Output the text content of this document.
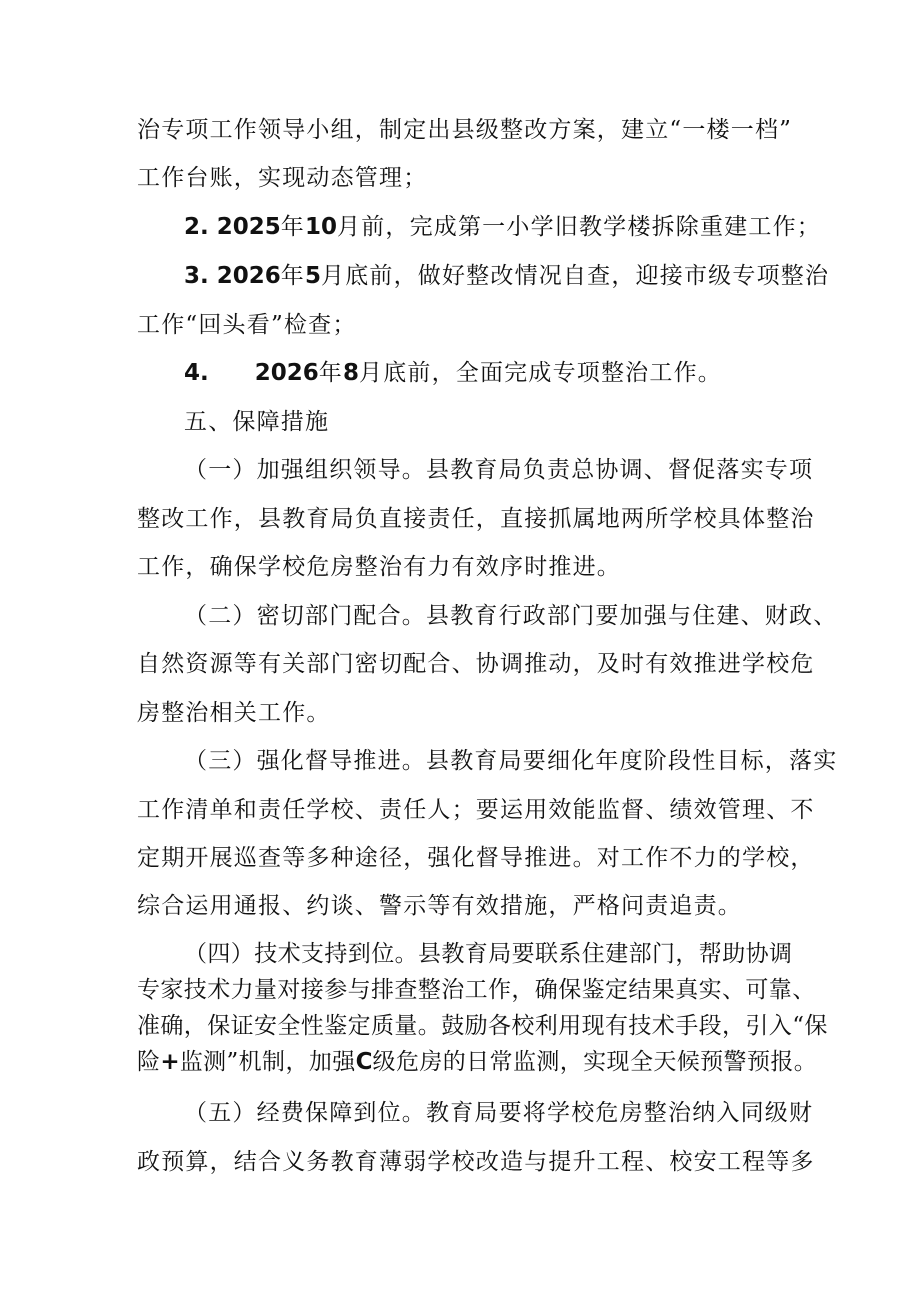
治专项工作领导小组，制定出县级整改方案，建立“一楼一档”
工作台账，实现动态管理；
2. 2025年10月前，完成第一小学旧教学楼拆除重建工作；
3. 2026年5月底前，做好整改情况自查，迎接市级专项整治
工作“回头看”检查；
4. 2026年8月底前，全面完成专项整治工作。
五、保障措施
（一）加强组织领导。县教育局负责总协调、督促落实专项
整改工作，县教育局负直接责任，直接抓属地两所学校具体整治
工作，确保学校危房整治有力有效序时推进。
（二）密切部门配合。县教育行政部门要加强与住建、财政、
自然资源等有关部门密切配合、协调推动，及时有效推进学校危
房整治相关工作。
（三）强化督导推进。县教育局要细化年度阶段性目标，落实
工作清单和责任学校、责任人；要运用效能监督、绩效管理、不
定期开展巡查等多种途径，强化督导推进。对工作不力的学校，
综合运用通报、约谈、警示等有效措施，严格问责追责。
（四）技术支持到位。县教育局要联系住建部门，帮助协调
专家技术力量对接参与排查整治工作，确保鉴定结果真实、可靠、
准确，保证安全性鉴定质量。鼓励各校利用现有技术手段，引入“保
险+监测”机制，加强C级危房的日常监测，实现全天候预警预报。
（五）经费保障到位。教育局要将学校危房整治纳入同级财
政预算，结合义务教育薄弱学校改造与提升工程、校安工程等多
